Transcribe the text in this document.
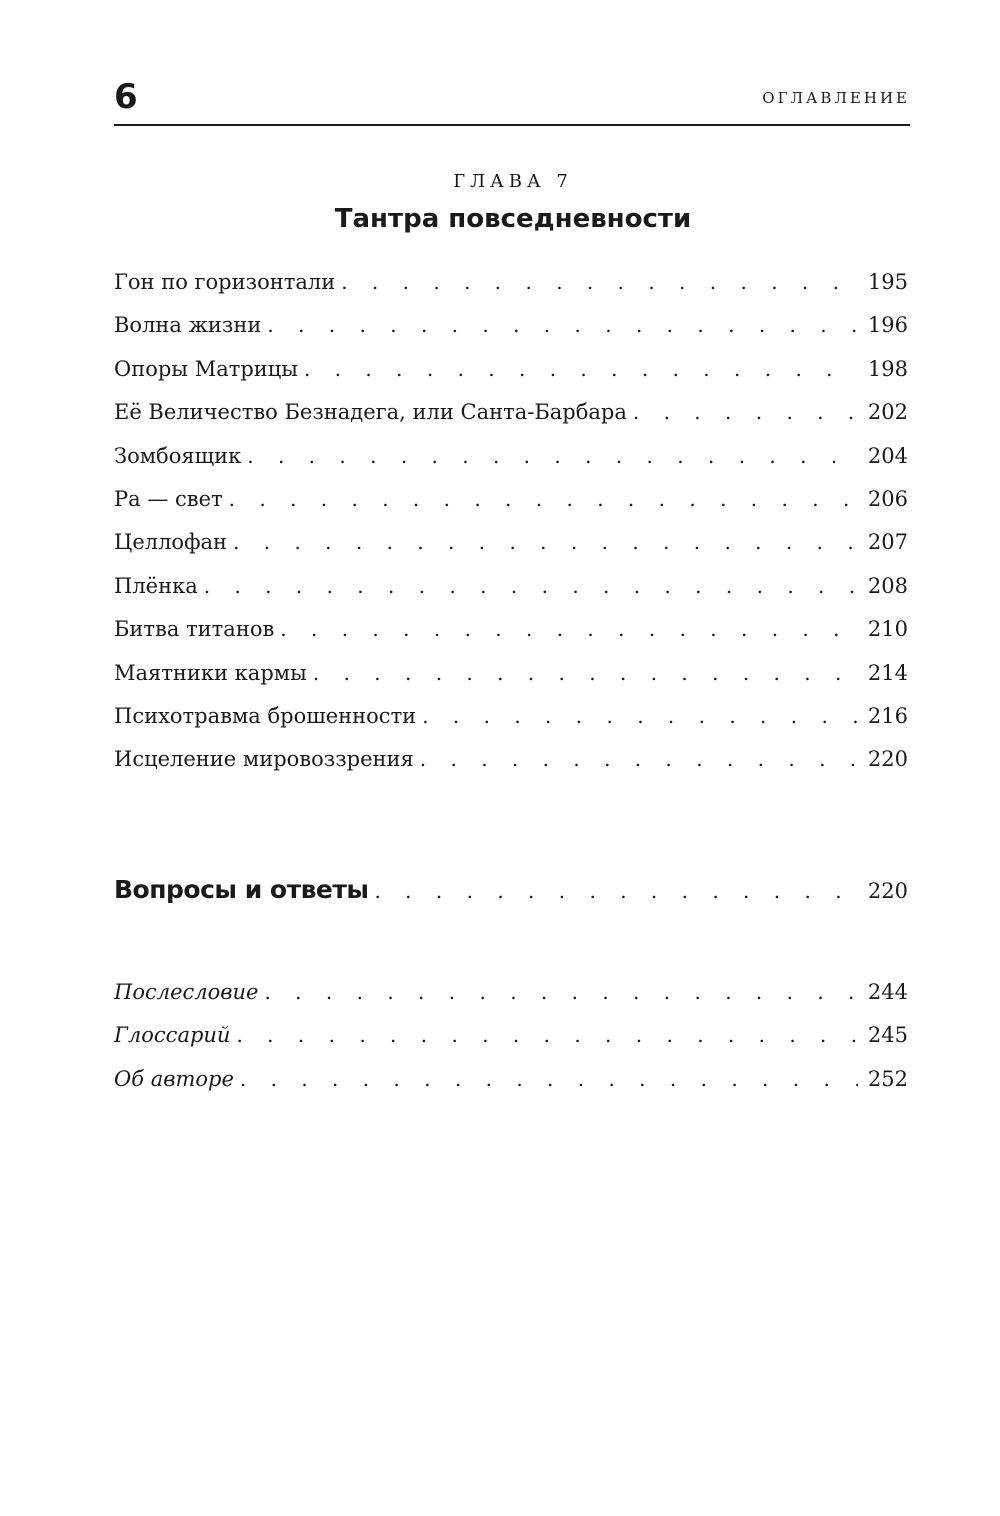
6	ОГЛАВЛЕНИЕ
ГЛАВА 7
Тантра повседневности
Гон по горизонтали . . .	195
Волна жизни . . .	196
Опоры Матрицы . . .	198
Её Величество Безнадега, или Санта-Барбара . . .	202
Зомбоящик . . .	204
Ра — свет . . .	206
Целлофан . . .	207
Плёнка . . .	208
Битва титанов . . .	210
Маятники кармы . . .	214
Психотравма брошенности . . .	216
Исцеление мировоззрения . . .	220
Вопросы и ответы . . .	220
Послесловие . . .	244
Глоссарий . . .	245
Об авторе . . .	252
